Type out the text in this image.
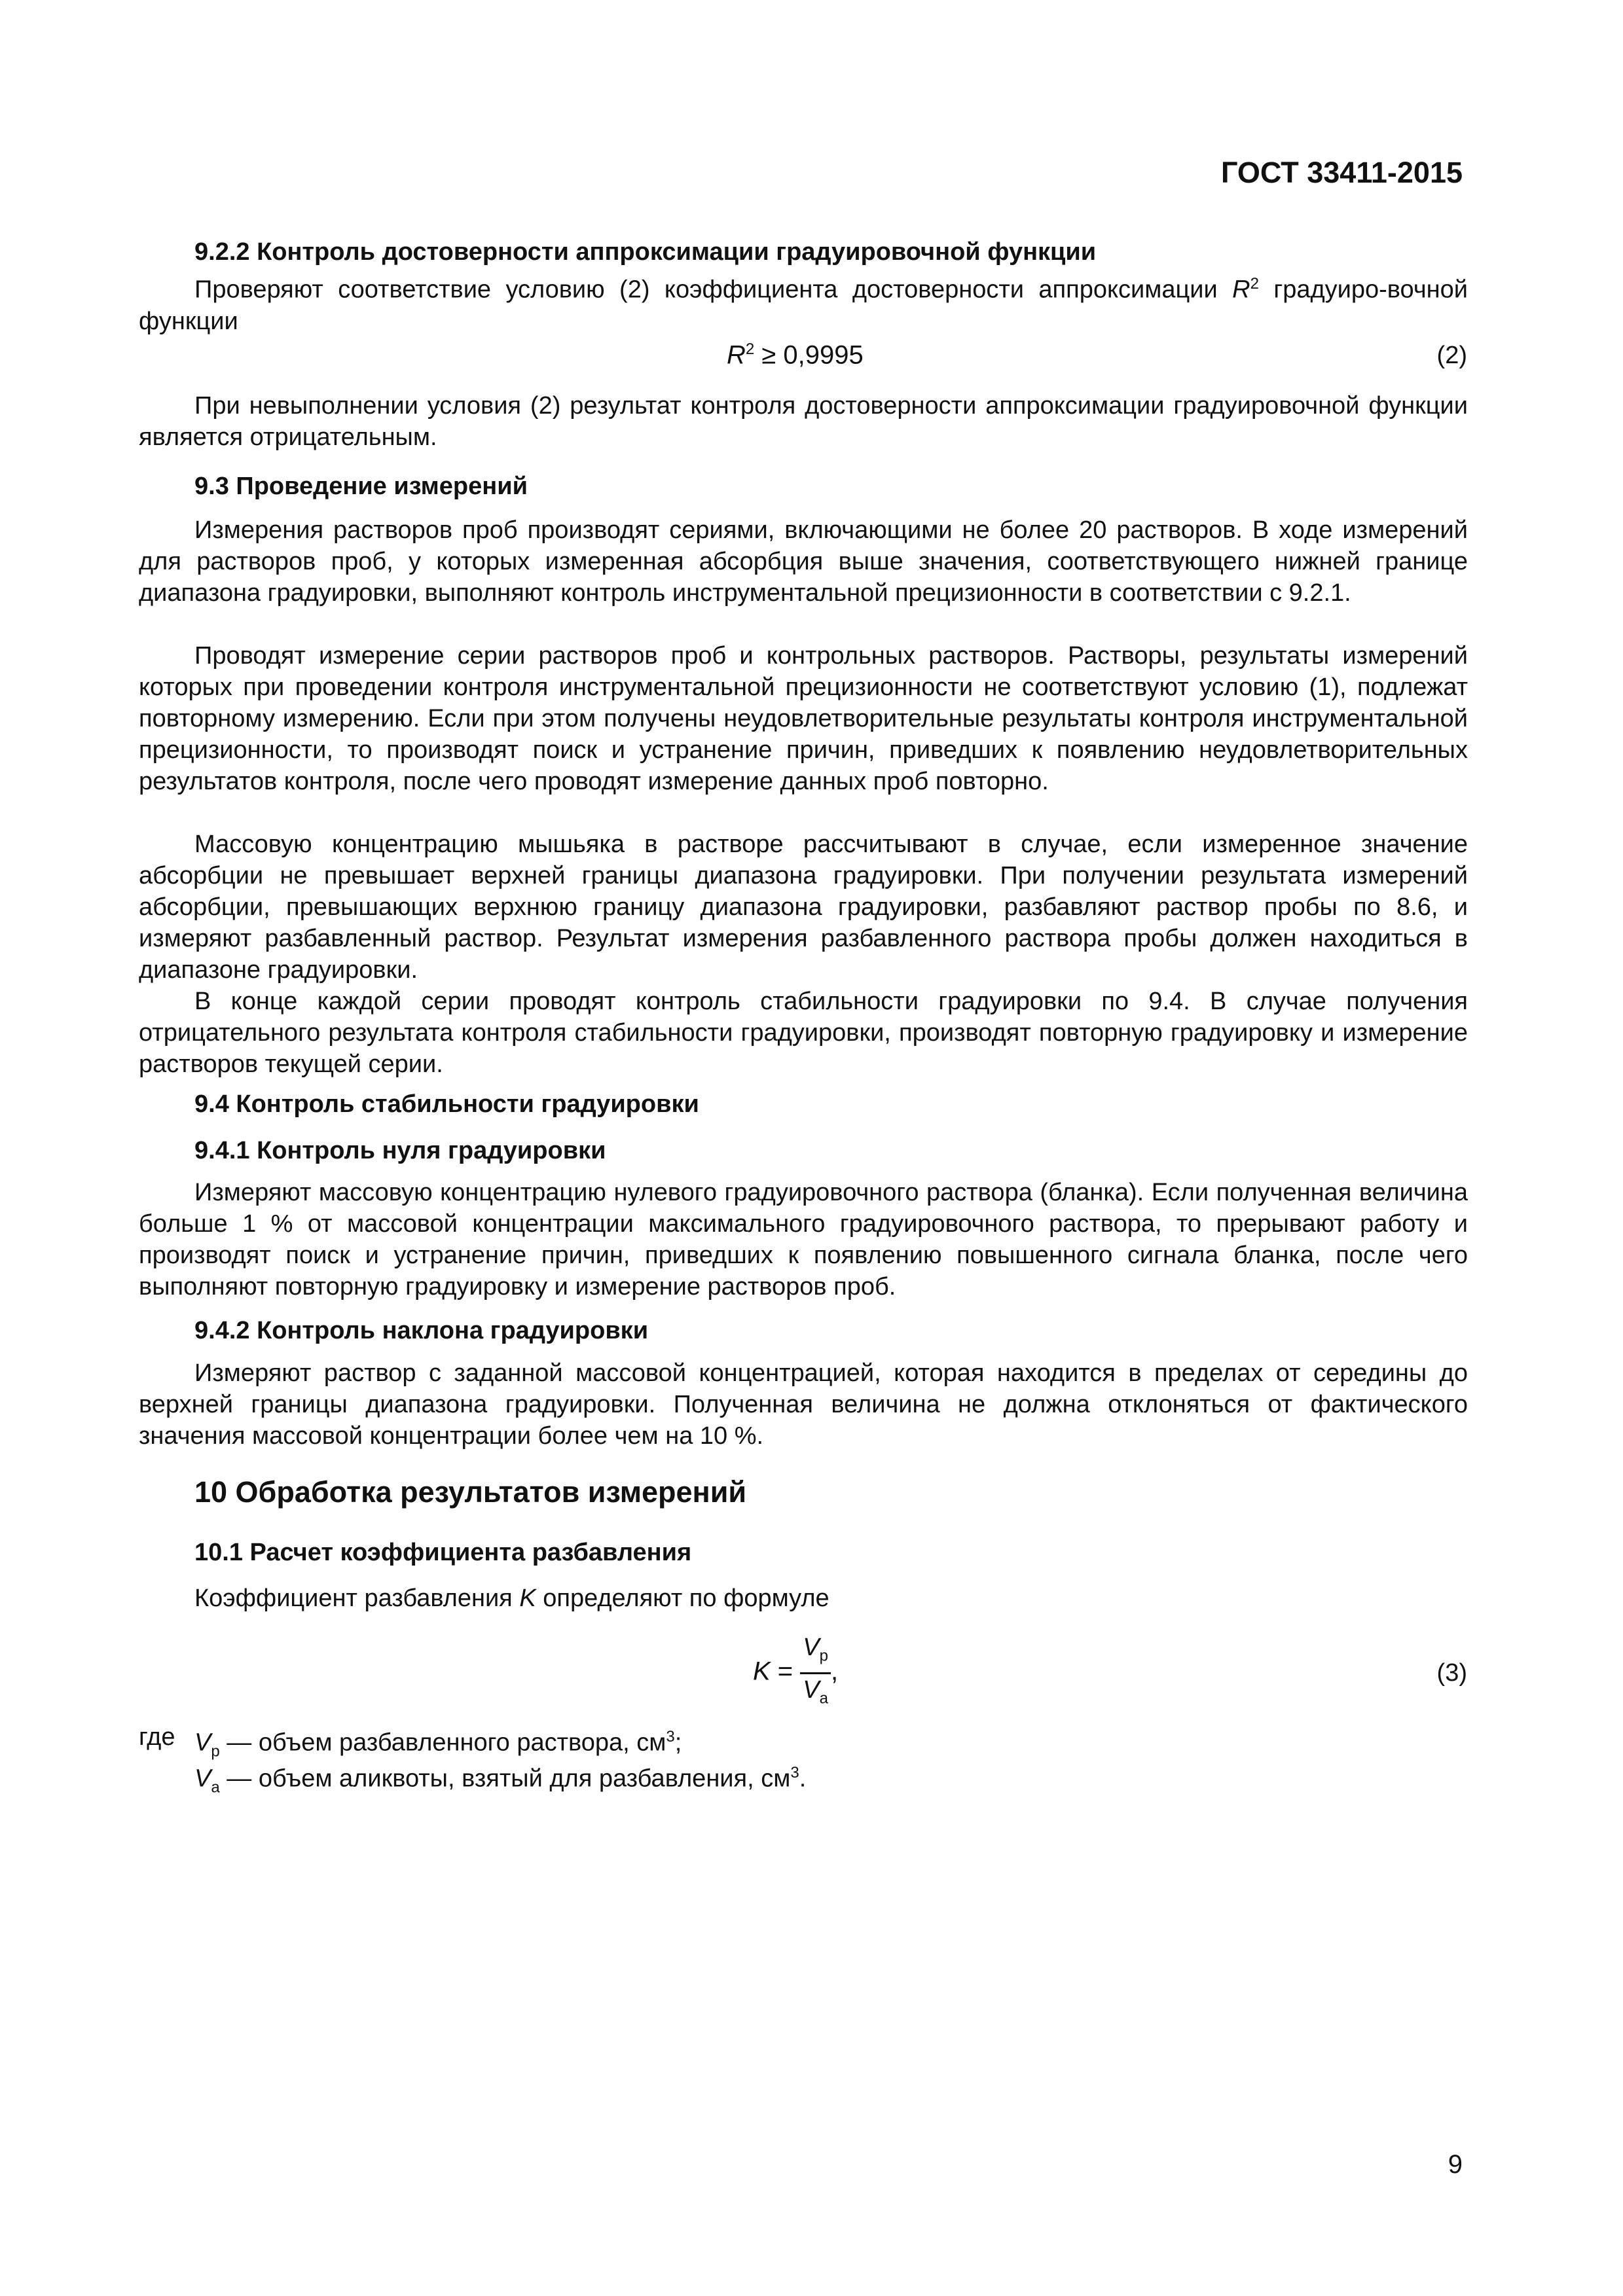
ГОСТ 33411-2015
9.2.2 Контроль достоверности аппроксимации градуировочной функции

Проверяют соответствие условию (2) коэффициента достоверности аппроксимации $R^2$ градуиро-вочной функции

$R^2 \ge 0,9995$	(2)

При невыполнении условия (2) результат контроля достоверности аппроксимации градуировочной функции является отрицательным.

9.3 Проведение измерений

Измерения растворов проб производят сериями, включающими не более 20 растворов. В ходе измерений для растворов проб, у которых измеренная абсорбция выше значения, соответствующего нижней границе диапазона градуировки, выполняют контроль инструментальной прецизионности в соответствии с 9.2.1.

Проводят измерение серии растворов проб и контрольных растворов. Растворы, результаты измерений которых при проведении контроля инструментальной прецизионности не соответствуют условию (1), подлежат повторному измерению. Если при этом получены неудовлетворительные результаты контроля инструментальной прецизионности, то производят поиск и устранение причин, приведших к появлению неудовлетворительных результатов контроля, после чего проводят измерение данных проб повторно.

Массовую концентрацию мышьяка в растворе рассчитывают в случае, если измеренное значение абсорбции не превышает верхней границы диапазона градуировки. При получении результата измерений абсорбции, превышающих верхнюю границу диапазона градуировки, разбавляют раствор пробы по 8.6, и измеряют разбавленный раствор. Результат измерения разбавленного раствора пробы должен находиться в диапазоне градуировки.

В конце каждой серии проводят контроль стабильности градуировки по 9.4. В случае получения отрицательного результата контроля стабильности градуировки, производят повторную градуировку и измерение растворов текущей серии.

9.4 Контроль стабильности градуировки
9.4.1 Контроль нуля градуировки

Измеряют массовую концентрацию нулевого градуировочного раствора (бланка). Если полученная величина больше 1 % от массовой концентрации максимального градуировочного раствора, то прерывают работу и производят поиск и устранение причин, приведших к появлению повышенного сигнала бланка, после чего выполняют повторную градуировку и измерение растворов проб.

9.4.2 Контроль наклона градуировки

Измеряют раствор с заданной массовой концентрацией, которая находится в пределах от середины до верхней границы диапазона градуировки. Полученная величина не должна отклоняться от фактического значения массовой концентрации более чем на 10 %.

10 Обработка результатов измерений
10.1 Расчет коэффициента разбавления
Коэффициент разбавления K определяют по формуле
$K = \frac{V_p}{V_a}$ ,	(3)
где $V_p$ — объем разбавленного раствора, $см^3$;
$V_a$ — объем аликвоты, взятый для разбавления, $см^3$.
9
